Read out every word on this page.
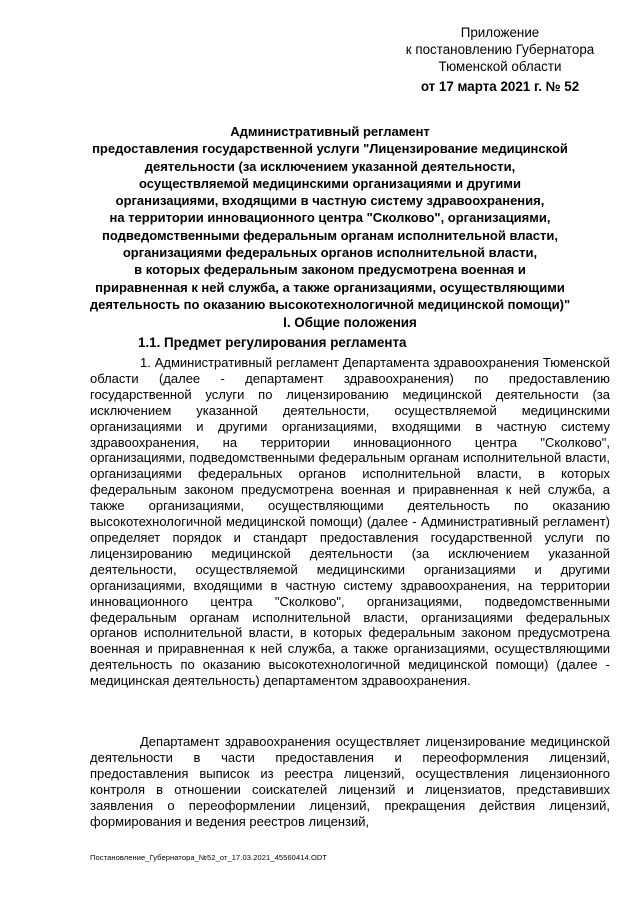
Приложение
к постановлению Губернатора
Тюменской области
от 17 марта 2021 г. № 52
Административный регламент
предоставления государственной услуги "Лицензирование медицинской
деятельности (за исключением указанной деятельности,
осуществляемой медицинскими организациями и другими
организациями, входящими в частную систему здравоохранения,
на территории инновационного центра "Сколково", организациями,
подведомственными федеральным органам исполнительной власти,
организациями федеральных органов исполнительной власти,
в которых федеральным законом предусмотрена военная и
приравненная к ней служба, а также организациями, осуществляющими
деятельность по оказанию высокотехнологичной медицинской помощи)"
I. Общие положения
1.1. Предмет регулирования регламента

1. Административный регламент Департамента здравоохранения Тюменской области (далее - департамент здравоохранения) по предоставлению государственной услуги по лицензированию медицинской деятельности (за исключением указанной деятельности, осуществляемой медицинскими организациями и другими организациями, входящими в частную систему здравоохранения, на территории инновационного центра "Сколково", организациями, подведомственными федеральным органам исполнительной власти, организациями федеральных органов исполнительной власти, в которых федеральным законом предусмотрена военная и приравненная к ней служба, а также организациями, осуществляющими деятельность по оказанию высокотехнологичной медицинской помощи) (далее - Административный регламент) определяет порядок и стандарт предоставления государственной услуги по лицензированию медицинской деятельности (за исключением указанной деятельности, осуществляемой медицинскими организациями и другими организациями, входящими в частную систему здравоохранения, на территории инновационного центра "Сколково", организациями, подведомственными федеральным органам исполнительной власти, организациями федеральных органов исполнительной власти, в которых федеральным законом предусмотрена военная и приравненная к ней служба, а также организациями, осуществляющими деятельность по оказанию высокотехнологичной медицинской помощи) (далее - медицинская деятельность) департаментом здравоохранения.

Департамент здравоохранения осуществляет лицензирование медицинской деятельности в части предоставления и переоформления лицензий, предоставления выписок из реестра лицензий, осуществления лицензионного контроля в отношении соискателей лицензий и лицензиатов, представивших заявления о переоформлении лицензий, прекращения действия лицензий, формирования и ведения реестров лицензий,

Постановление_Губернатора_№52_от_17.03.2021_45560414.ODT
